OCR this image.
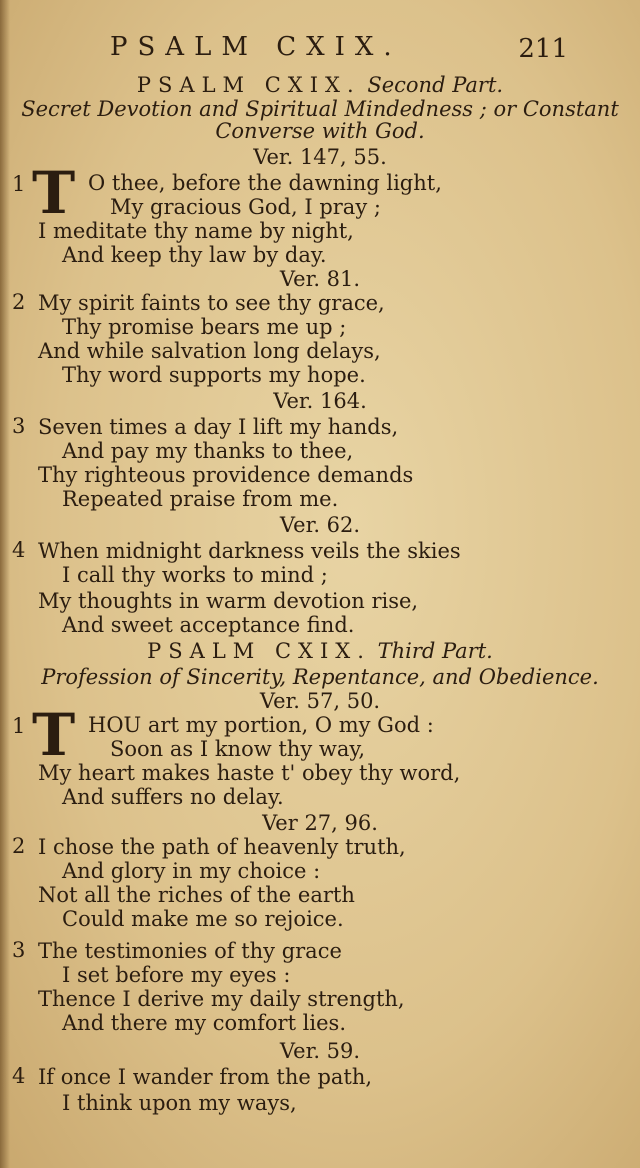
PSALM CXIX.	211
PSALM CXIX. Second Part.
Secret Devotion and Spiritual Mindedness ; or Constant
Converse with God.
Ver. 147, 55.
1 T O thee, before the dawning light,
My gracious God, I pray ;
I meditate thy name by night,
And keep thy law by day.
Ver. 81.
2 My spirit faints to see thy grace,
Thy promise bears me up ;
And while salvation long delays,
Thy word supports my hope.
Ver. 164.
3 Seven times a day I lift my hands,
And pay my thanks to thee,
Thy righteous providence demands
Repeated praise from me.
Ver. 62.
4 When midnight darkness veils the skies
I call thy works to mind ;
My thoughts in warm devotion rise,
And sweet acceptance find.
PSALM CXIX. Third Part.
Profession of Sincerity, Repentance, and Obedience.
Ver. 57, 50.
1 T HOU art my portion, O my God :
Soon as I know thy way,
My heart makes haste t' obey thy word,
And suffers no delay.
Ver 27, 96.
2 I chose the path of heavenly truth,
And glory in my choice :
Not all the riches of the earth
Could make me so rejoice.
3 The testimonies of thy grace
I set before my eyes :
Thence I derive my daily strength,
And there my comfort lies.
Ver. 59.
4 If once I wander from the path,
I think upon my ways,
